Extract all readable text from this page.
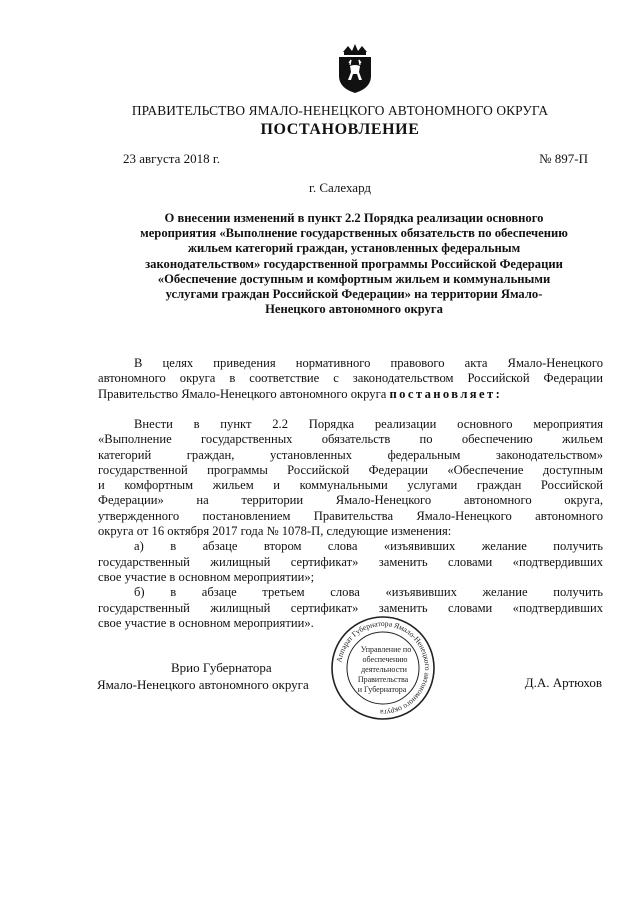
ПРАВИТЕЛЬСТВО ЯМАЛО-НЕНЕЦКОГО АВТОНОМНОГО ОКРУГА
ПОСТАНОВЛЕНИЕ
23 августа 2018 г.	№ 897-П
г. Салехард
О внесении изменений в пункт 2.2 Порядка реализации основного
мероприятия «Выполнение государственных обязательств по обеспечению
жильем категорий граждан, установленных федеральным
законодательством» государственной программы Российской Федерации
«Обеспечение доступным и комфортным жильем и коммунальными
услугами граждан Российской Федерации» на территории Ямало-
Ненецкого автономного округа
В целях приведения нормативного правового акта Ямало-Ненецкого
автономного округа в соответствие с законодательством Российской Федерации
Правительство Ямало-Ненецкого автономного округа постановляет:
Внести в пункт 2.2 Порядка реализации основного мероприятия
«Выполнение государственных обязательств по обеспечению жильем
категорий граждан, установленных федеральным законодательством»
государственной программы Российской Федерации «Обеспечение доступным
и комфортным жильем и коммунальными услугами граждан Российской
Федерации» на территории Ямало-Ненецкого автономного округа,
утвержденного постановлением Правительства Ямало-Ненецкого автономного
округа от 16 октября 2017 года № 1078-П, следующие изменения:
а) в абзаце втором слова «изъявивших желание получить
государственный жилищный сертификат» заменить словами «подтвердивших
свое участие в основном мероприятии»;
б) в абзаце третьем слова «изъявивших желание получить
государственный жилищный сертификат» заменить словами «подтвердивших
свое участие в основном мероприятии».
Врио Губернатора
Ямало-Ненецкого автономного округа	Д.А. Артюхов
Аппарат Губернатора Ямало-Ненецкого автономного округа
Управление по
обеспечению
деятельности
Правительства
и Губернатора
